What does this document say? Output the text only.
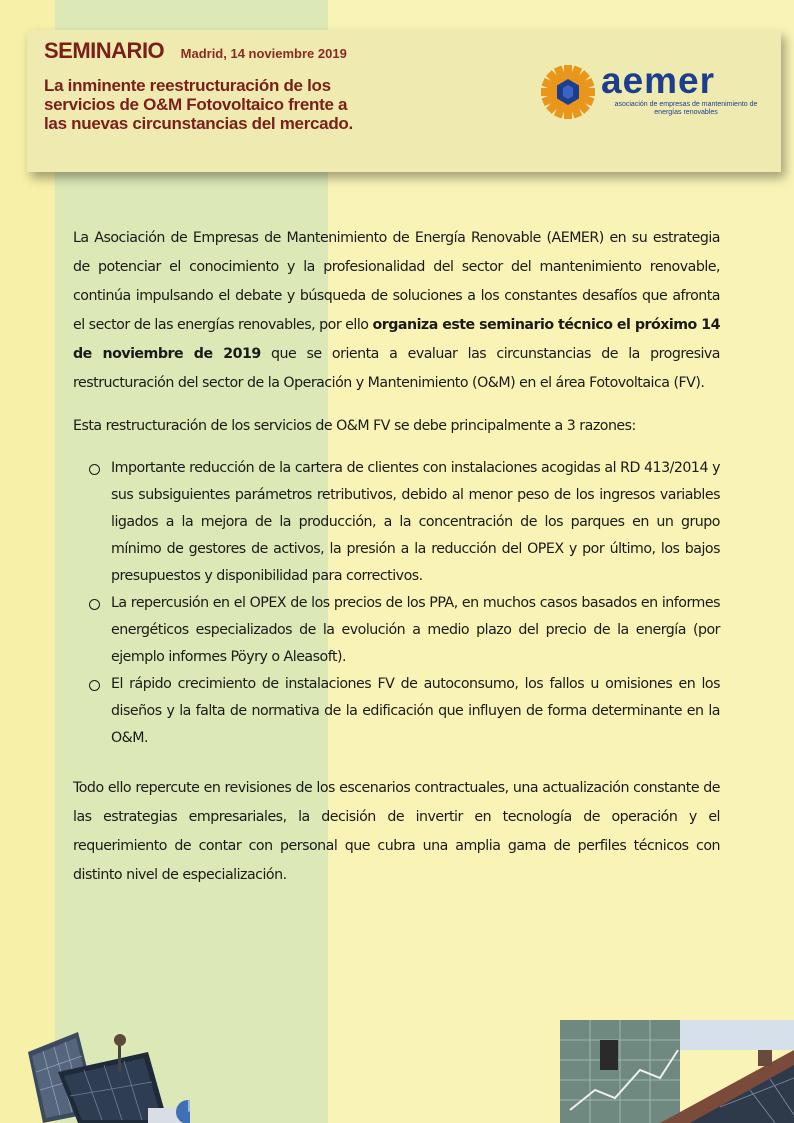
SEMINARIO Madrid, 14 noviembre 2019
La inminente reestructuración de los servicios de O&M Fotovoltaico frente a las nuevas circunstancias del mercado.
aemer
asociación de empresas de mantenimiento de energías renovables

La Asociación de Empresas de Mantenimiento de Energía Renovable (AEMER) en su estrategia de potenciar el conocimiento y la profesionalidad del sector del mantenimiento renovable, continúa impulsando el debate y búsqueda de soluciones a los constantes desafíos que afronta el sector de las energías renovables, por ello organiza este seminario técnico el próximo 14 de noviembre de 2019 que se orienta a evaluar las circunstancias de la progresiva restructuración del sector de la Operación y Mantenimiento (O&M) en el área Fotovoltaica (FV).

Esta restructuración de los servicios de O&M FV se debe principalmente a 3 razones:

Importante reducción de la cartera de clientes con instalaciones acogidas al RD 413/2014 y sus subsiguientes parámetros retributivos, debido al menor peso de los ingresos variables ligados a la mejora de la producción, a la concentración de los parques en un grupo mínimo de gestores de activos, la presión a la reducción del OPEX y por último, los bajos presupuestos y disponibilidad para correctivos.
La repercusión en el OPEX de los precios de los PPA, en muchos casos basados en informes energéticos especializados de la evolución a medio plazo del precio de la energía (por ejemplo informes Pöyry o Aleasoft).
El rápido crecimiento de instalaciones FV de autoconsumo, los fallos u omisiones en los diseños y la falta de normativa de la edificación que influyen de forma determinante en la O&M.

Todo ello repercute en revisiones de los escenarios contractuales, una actualización constante de las estrategias empresariales, la decisión de invertir en tecnología de operación y el requerimiento de contar con personal que cubra una amplia gama de perfiles técnicos con distinto nivel de especialización.
